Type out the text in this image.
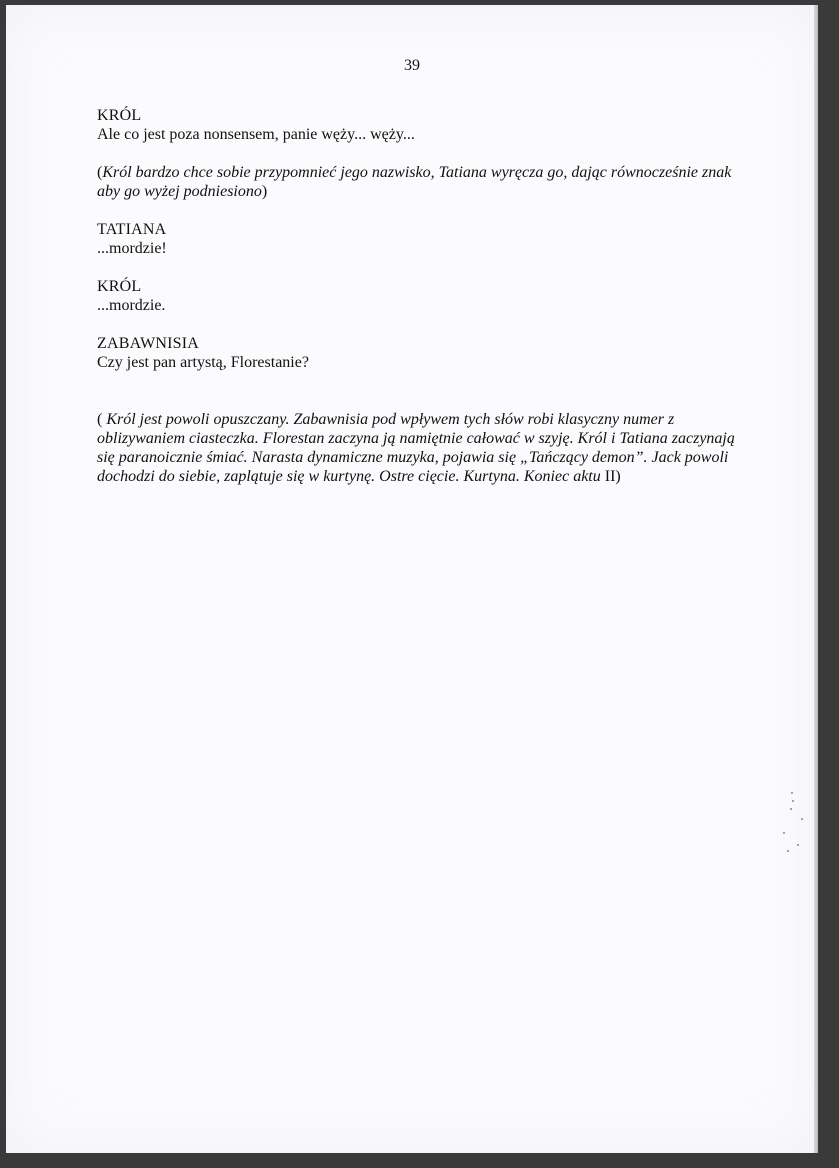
39

KRÓL

Ale co jest poza nonsensem, panie węży... węży...

(Król bardzo chce sobie przypomnieć jego nazwisko, Tatiana wyręcza go, dając równocześnie znak aby go wyżej podniesiono)

TATIANA

...mordzie!

KRÓL

...mordzie.

ZABAWNISIA

Czy jest pan artystą, Florestanie?

( Król jest powoli opuszczany. Zabawnisia pod wpływem tych słów robi klasyczny numer z oblizywaniem ciasteczka. Florestan zaczyna ją namiętnie całować w szyję. Król i Tatiana zaczynają się paranoicznie śmiać. Narasta dynamiczne muzyka, pojawia się „Tańczący demon”. Jack powoli dochodzi do siebie, zaplątuje się w kurtynę. Ostre cięcie. Kurtyna. Koniec aktu II)
